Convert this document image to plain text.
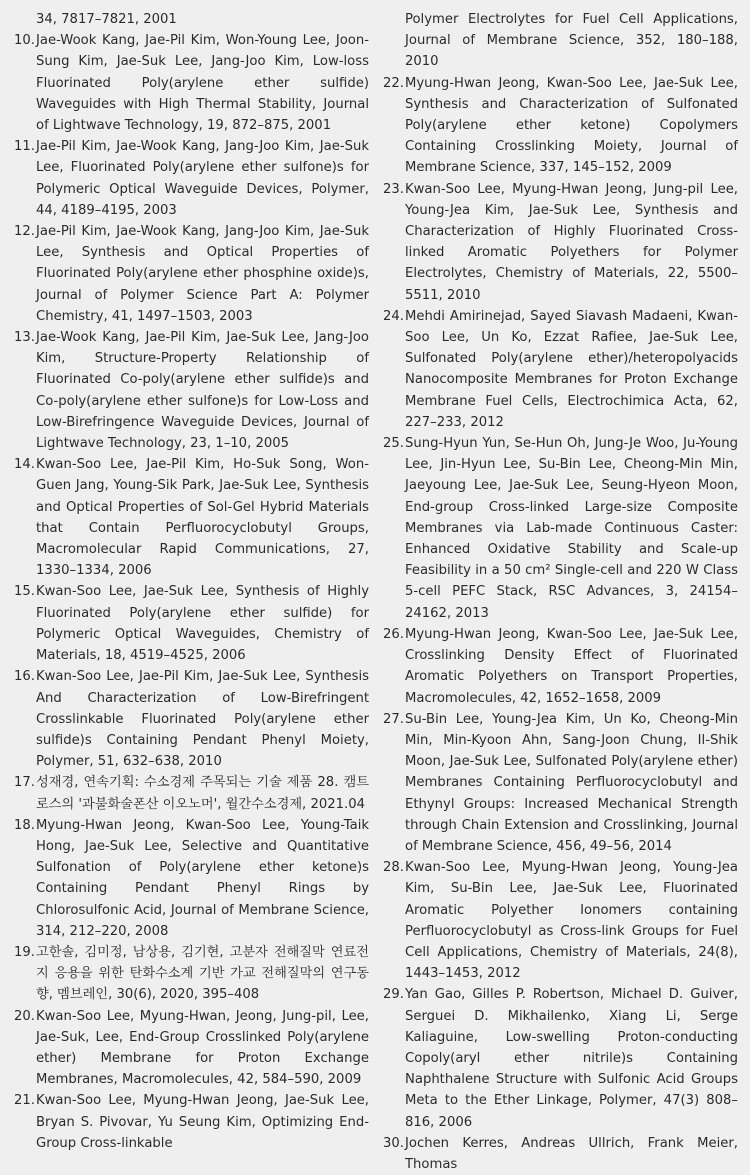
34, 7817–7821, 2001
10. Jae-Wook Kang, Jae-Pil Kim, Won-Young Lee, Joon-Sung Kim, Jae-Suk Lee, Jang-Joo Kim, Low-loss Fluorinated Poly(arylene ether sulfide) Waveguides with High Thermal Stability, Journal of Lightwave Technology, 19, 872–875, 2001
11. Jae-Pil Kim, Jae-Wook Kang, Jang-Joo Kim, Jae-Suk Lee, Fluorinated Poly(arylene ether sulfone)s for Polymeric Optical Waveguide Devices, Polymer, 44, 4189–4195, 2003
12. Jae-Pil Kim, Jae-Wook Kang, Jang-Joo Kim, Jae-Suk Lee, Synthesis and Optical Properties of Fluorinated Poly(arylene ether phosphine oxide)s, Journal of Polymer Science Part A: Polymer Chemistry, 41, 1497–1503, 2003
13. Jae-Wook Kang, Jae-Pil Kim, Jae-Suk Lee, Jang-Joo Kim, Structure-Property Relationship of Fluorinated Co-poly(arylene ether sulfide)s and Co-poly(arylene ether sulfone)s for Low-Loss and Low-Birefringence Waveguide Devices, Journal of Lightwave Technology, 23, 1–10, 2005
14. Kwan-Soo Lee, Jae-Pil Kim, Ho-Suk Song, Won-Guen Jang, Young-Sik Park, Jae-Suk Lee, Synthesis and Optical Properties of Sol-Gel Hybrid Materials that Contain Perfluorocyclobutyl Groups, Macromolecular Rapid Communications, 27, 1330–1334, 2006
15. Kwan-Soo Lee, Jae-Suk Lee, Synthesis of Highly Fluorinated Poly(arylene ether sulfide) for Polymeric Optical Waveguides, Chemistry of Materials, 18, 4519–4525, 2006
16. Kwan-Soo Lee, Jae-Pil Kim, Jae-Suk Lee, Synthesis And Characterization of Low-Birefringent Crosslinkable Fluorinated Poly(arylene ether sulfide)s Containing Pendant Phenyl Moiety, Polymer, 51, 632–638, 2010
17. 성재경, 연속기획: 수소경제 주목되는 기술 제품 28. 캠트로스의 '과불화술폰산 이오노머', 월간수소경제, 2021.04
18. Myung-Hwan Jeong, Kwan-Soo Lee, Young-Taik Hong, Jae-Suk Lee, Selective and Quantitative Sulfonation of Poly(arylene ether ketone)s Containing Pendant Phenyl Rings by Chlorosulfonic Acid, Journal of Membrane Science, 314, 212–220, 2008
19. 고한솔, 김미정, 남상용, 김기현, 고분자 전해질막 연료전지 응용을 위한 탄화수소계 기반 가교 전해질막의 연구동향, 멤브레인, 30(6), 2020, 395–408
20. Kwan-Soo Lee, Myung-Hwan, Jeong, Jung-pil, Lee, Jae-Suk, Lee, End-Group Crosslinked Poly(arylene ether) Membrane for Proton Exchange Membranes, Macromolecules, 42, 584–590, 2009
21. Kwan-Soo Lee, Myung-Hwan Jeong, Jae-Suk Lee, Bryan S. Pivovar, Yu Seung Kim, Optimizing End-Group Cross-linkable
Polymer Electrolytes for Fuel Cell Applications, Journal of Membrane Science, 352, 180–188, 2010
22. Myung-Hwan Jeong, Kwan-Soo Lee, Jae-Suk Lee, Synthesis and Characterization of Sulfonated Poly(arylene ether ketone) Copolymers Containing Crosslinking Moiety, Journal of Membrane Science, 337, 145–152, 2009
23. Kwan-Soo Lee, Myung-Hwan Jeong, Jung-pil Lee, Young-Jea Kim, Jae-Suk Lee, Synthesis and Characterization of Highly Fluorinated Cross-linked Aromatic Polyethers for Polymer Electrolytes, Chemistry of Materials, 22, 5500–5511, 2010
24. Mehdi Amirinejad, Sayed Siavash Madaeni, Kwan-Soo Lee, Un Ko, Ezzat Rafiee, Jae-Suk Lee, Sulfonated Poly(arylene ether)/heteropolyacids Nanocomposite Membranes for Proton Exchange Membrane Fuel Cells, Electrochimica Acta, 62, 227–233, 2012
25. Sung-Hyun Yun, Se-Hun Oh, Jung-Je Woo, Ju-Young Lee, Jin-Hyun Lee, Su-Bin Lee, Cheong-Min Min, Jaeyoung Lee, Jae-Suk Lee, Seung-Hyeon Moon, End-group Cross-linked Large-size Composite Membranes via Lab-made Continuous Caster: Enhanced Oxidative Stability and Scale-up Feasibility in a 50 cm² Single-cell and 220 W Class 5-cell PEFC Stack, RSC Advances, 3, 24154–24162, 2013
26. Myung-Hwan Jeong, Kwan-Soo Lee, Jae-Suk Lee, Crosslinking Density Effect of Fluorinated Aromatic Polyethers on Transport Properties, Macromolecules, 42, 1652–1658, 2009
27. Su-Bin Lee, Young-Jea Kim, Un Ko, Cheong-Min Min, Min-Kyoon Ahn, Sang-Joon Chung, Il-Shik Moon, Jae-Suk Lee, Sulfonated Poly(arylene ether) Membranes Containing Perfluorocyclobutyl and Ethynyl Groups: Increased Mechanical Strength through Chain Extension and Crosslinking, Journal of Membrane Science, 456, 49–56, 2014
28. Kwan-Soo Lee, Myung-Hwan Jeong, Young-Jea Kim, Su-Bin Lee, Jae-Suk Lee, Fluorinated Aromatic Polyether Ionomers containing Perfluorocyclobutyl as Cross-link Groups for Fuel Cell Applications, Chemistry of Materials, 24(8), 1443–1453, 2012
29. Yan Gao, Gilles P. Robertson, Michael D. Guiver, Serguei D. Mikhailenko, Xiang Li, Serge Kaliaguine, Low-swelling Proton-conducting Copoly(aryl ether nitrile)s Containing Naphthalene Structure with Sulfonic Acid Groups Meta to the Ether Linkage, Polymer, 47(3) 808–816, 2006
30. Jochen Kerres, Andreas Ullrich, Frank Meier, Thomas
